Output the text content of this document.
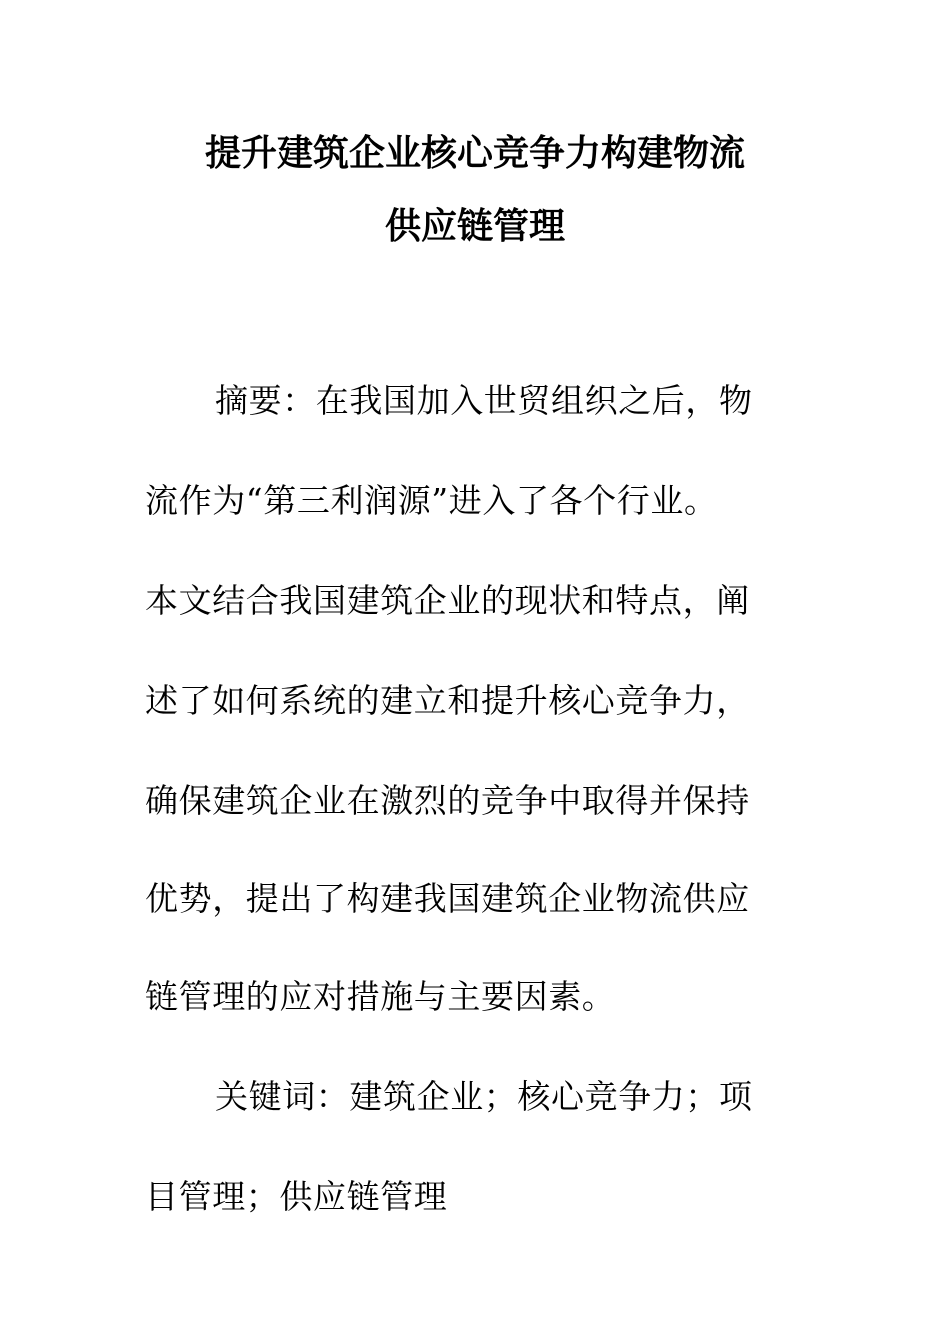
提升建筑企业核心竞争力构建物流
供应链管理
摘要：在我国加入世贸组织之后，物
流作为“第三利润源”进入了各个行业。
本文结合我国建筑企业的现状和特点，阐
述了如何系统的建立和提升核心竞争力，
确保建筑企业在激烈的竞争中取得并保持
优势，提出了构建我国建筑企业物流供应
链管理的应对措施与主要因素。
关键词：建筑企业；核心竞争力；项
目管理；供应链管理
